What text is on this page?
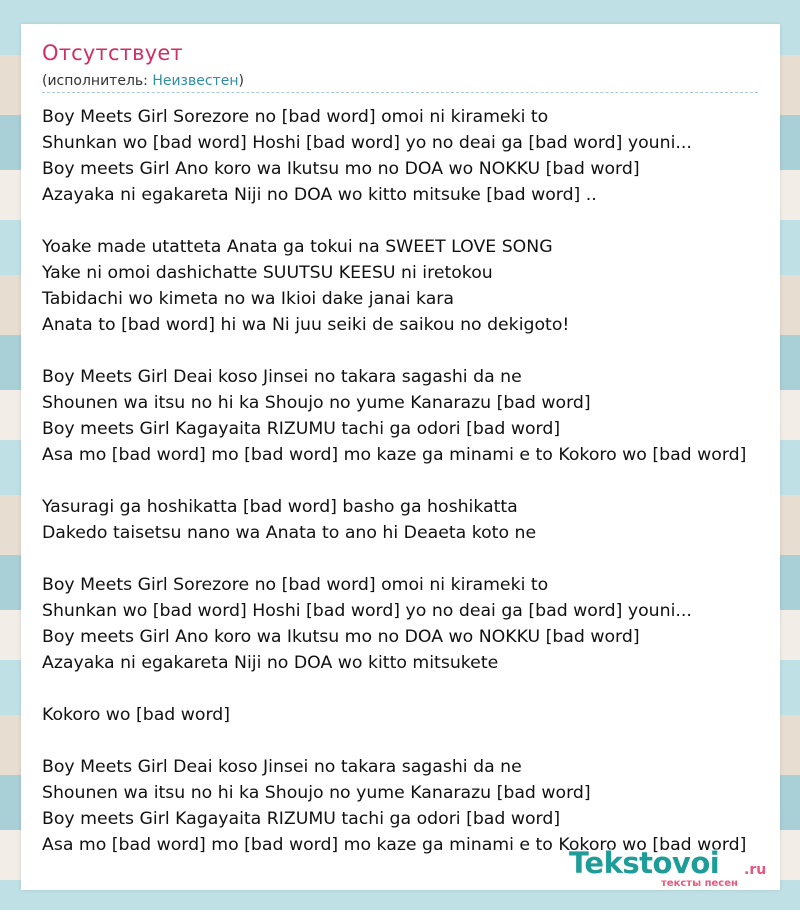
Отсутствует
(исполнитель: Неизвестен)
Boy Meets Girl Sorezore no [bad word] omoi ni kirameki to
Shunkan wo [bad word] Hoshi [bad word] yo no deai ga [bad word] youni...
Boy meets Girl Ano koro wa Ikutsu mo no DOA wo NOKKU [bad word]
Azayaka ni egakareta Niji no DOA wo kitto mitsuke [bad word] ..
Yoake made utatteta Anata ga tokui na SWEET LOVE SONG
Yake ni omoi dashichatte SUUTSU KEESU ni iretokou
Tabidachi wo kimeta no wa Ikioi dake janai kara
Anata to [bad word] hi wa Ni juu seiki de saikou no dekigoto!
Boy Meets Girl Deai koso Jinsei no takara sagashi da ne
Shounen wa itsu no hi ka Shoujo no yume Kanarazu [bad word]
Boy meets Girl Kagayaita RIZUMU tachi ga odori [bad word]
Asa mo [bad word] mo [bad word] mo kaze ga minami e to Kokoro wo [bad word]
Yasuragi ga hoshikatta [bad word] basho ga hoshikatta
Dakedo taisetsu nano wa Anata to ano hi Deaeta koto ne
Boy Meets Girl Sorezore no [bad word] omoi ni kirameki to
Shunkan wo [bad word] Hoshi [bad word] yo no deai ga [bad word] youni...
Boy meets Girl Ano koro wa Ikutsu mo no DOA wo NOKKU [bad word]
Azayaka ni egakareta Niji no DOA wo kitto mitsukete
Kokoro wo [bad word]
Boy Meets Girl Deai koso Jinsei no takara sagashi da ne
Shounen wa itsu no hi ka Shoujo no yume Kanarazu [bad word]
Boy meets Girl Kagayaita RIZUMU tachi ga odori [bad word]
Asa mo [bad word] mo [bad word] mo kaze ga minami e to Kokoro wo [bad word]
Tekstovoi .ru
тексты песен
